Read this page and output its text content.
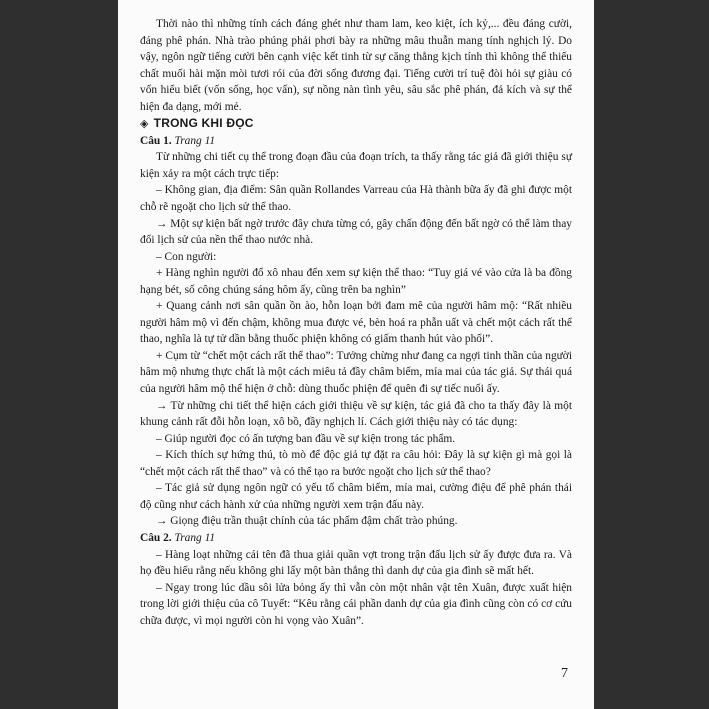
Thời nào thì những tính cách đáng ghét như tham lam, keo kiệt, ích kỷ,... đều đáng cười, đáng phê phán. Nhà trào phúng phải phơi bày ra những mâu thuẫn mang tính nghịch lý. Do vậy, ngôn ngữ tiếng cười bên cạnh việc kết tinh từ sự căng thẳng kịch tính thì không thể thiếu chất muối hài mặn mòi tươi rói của đời sống đương đại. Tiếng cười trí tuệ đòi hỏi sự giàu có vốn hiểu biết (vốn sống, học vấn), sự nồng nàn tình yêu, sâu sắc phê phán, đả kích và sự thể hiện đa dạng, mới mẻ.

◈ TRONG KHI ĐỌC

Câu 1. Trang 11

Từ những chi tiết cụ thể trong đoạn đầu của đoạn trích, ta thấy rằng tác giả đã giới thiệu sự kiện xảy ra một cách trực tiếp:

– Không gian, địa điểm: Sân quần Rollandes Varreau của Hà thành bữa ấy đã ghi được một chỗ rẽ ngoặt cho lịch sử thể thao.

→ Một sự kiện bất ngờ trước đây chưa từng có, gây chấn động đến bất ngờ có thể làm thay đổi lịch sử của nền thể thao nước nhà.

– Con người:

+ Hàng nghìn người đổ xô nhau đến xem sự kiện thể thao: “Tuy giá vé vào cửa là ba đồng hạng bét, số công chúng sáng hôm ấy, cũng trên ba nghìn”

+ Quang cảnh nơi sân quần ồn ào, hỗn loạn bởi đam mê của người hâm mộ: “Rất nhiều người hâm mộ vì đến chậm, không mua được vé, bèn hoá ra phẫn uất và chết một cách rất thể thao, nghĩa là tự tử dần bằng thuốc phiện không có giấm thanh hút vào phổi”.

+ Cụm từ “chết một cách rất thể thao”: Tưởng chừng như đang ca ngợi tinh thần của người hâm mộ nhưng thực chất là một cách miêu tả đầy châm biếm, mỉa mai của tác giả. Sự thái quá của người hâm mộ thể hiện ở chỗ: dùng thuốc phiện để quên đi sự tiếc nuối ấy.

→ Từ những chi tiết thể hiện cách giới thiệu về sự kiện, tác giả đã cho ta thấy đây là một khung cảnh rất đỗi hỗn loạn, xô bồ, đầy nghịch lí. Cách giới thiệu này có tác dụng:

– Giúp người đọc có ấn tượng ban đầu về sự kiện trong tác phẩm.

– Kích thích sự hứng thú, tò mò để độc giả tự đặt ra câu hỏi: Đây là sự kiện gì mà gọi là “chết một cách rất thể thao” và có thể tạo ra bước ngoặt cho lịch sử thể thao?

– Tác giả sử dụng ngôn ngữ có yếu tố châm biếm, mỉa mai, cường điệu để phê phán thái độ cũng như cách hành xử của những người xem trận đấu này.

→ Giọng điệu trần thuật chính của tác phẩm đậm chất trào phúng.

Câu 2. Trang 11

– Hàng loạt những cái tên đã thua giải quần vợt trong trận đấu lịch sử ấy được đưa ra. Và họ đều hiểu rằng nếu không ghi lấy một bàn thắng thì danh dự của gia đình sẽ mất hết.

– Ngay trong lúc dầu sôi lửa bỏng ấy thì vẫn còn một nhân vật tên Xuân, được xuất hiện trong lời giới thiệu của cô Tuyết: “Kêu rằng cái phần danh dự của gia đình cũng còn có cơ cứu chữa được, vì mọi người còn hi vọng vào Xuân”.

7
